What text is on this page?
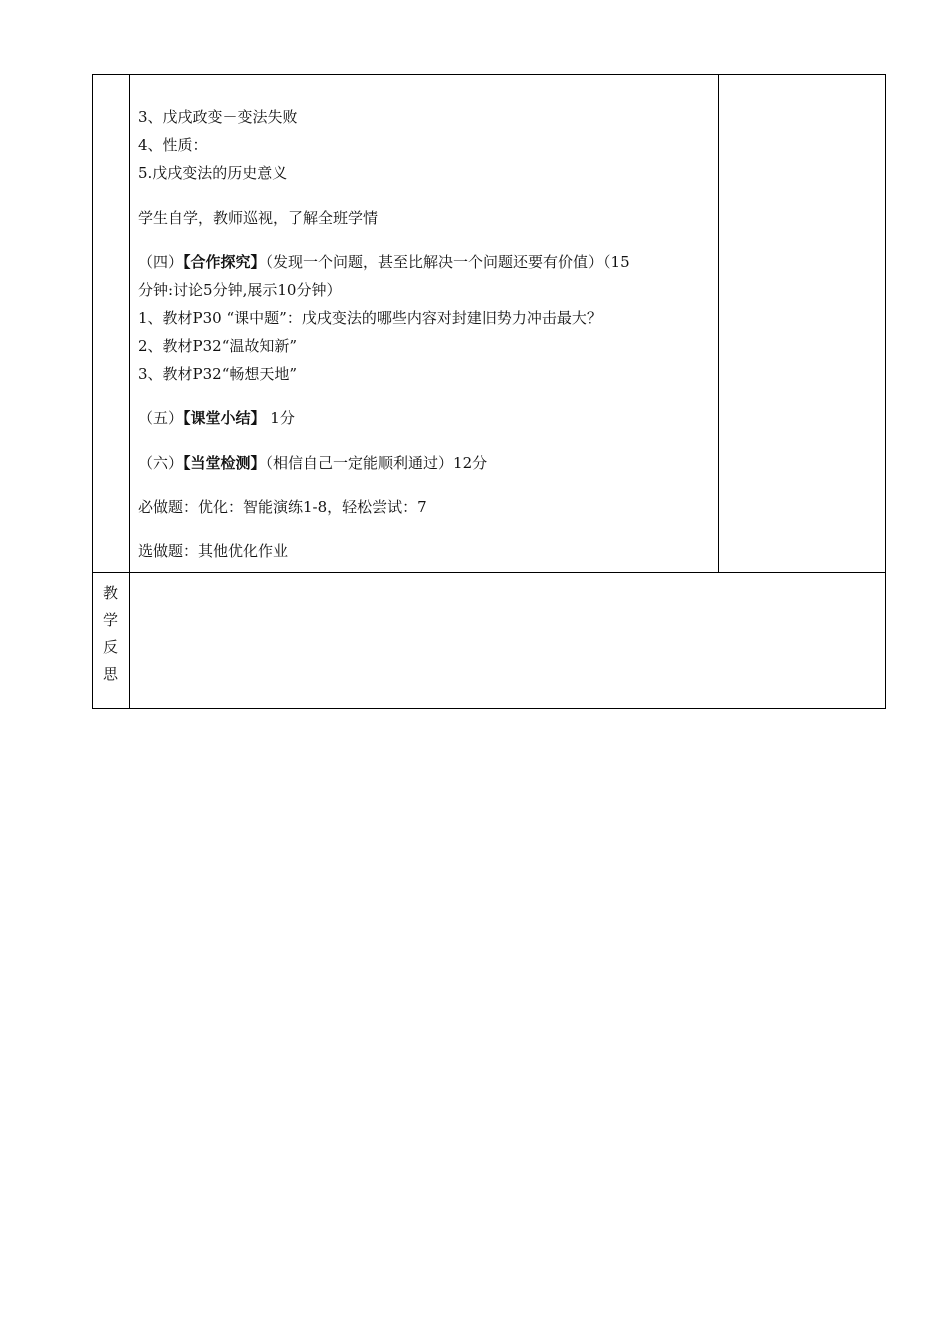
3、戊戌政变－变法失败
4、性质：
5.戊戌变法的历史意义
学生自学，教师巡视，了解全班学情
（四）【合作探究】（发现一个问题，甚至比解决一个问题还要有价值）（15
分钟:讨论5分钟,展示10分钟）
1、教材P30 “课中题”：戊戌变法的哪些内容对封建旧势力冲击最大？
2、教材P32“温故知新”
3、教材P32“畅想天地”
（五）【课堂小结】 1分
（六）【当堂检测】（相信自己一定能顺利通过）12分
必做题：优化：智能演练1-8，轻松尝试：7
选做题：其他优化作业
教
学
反
思
